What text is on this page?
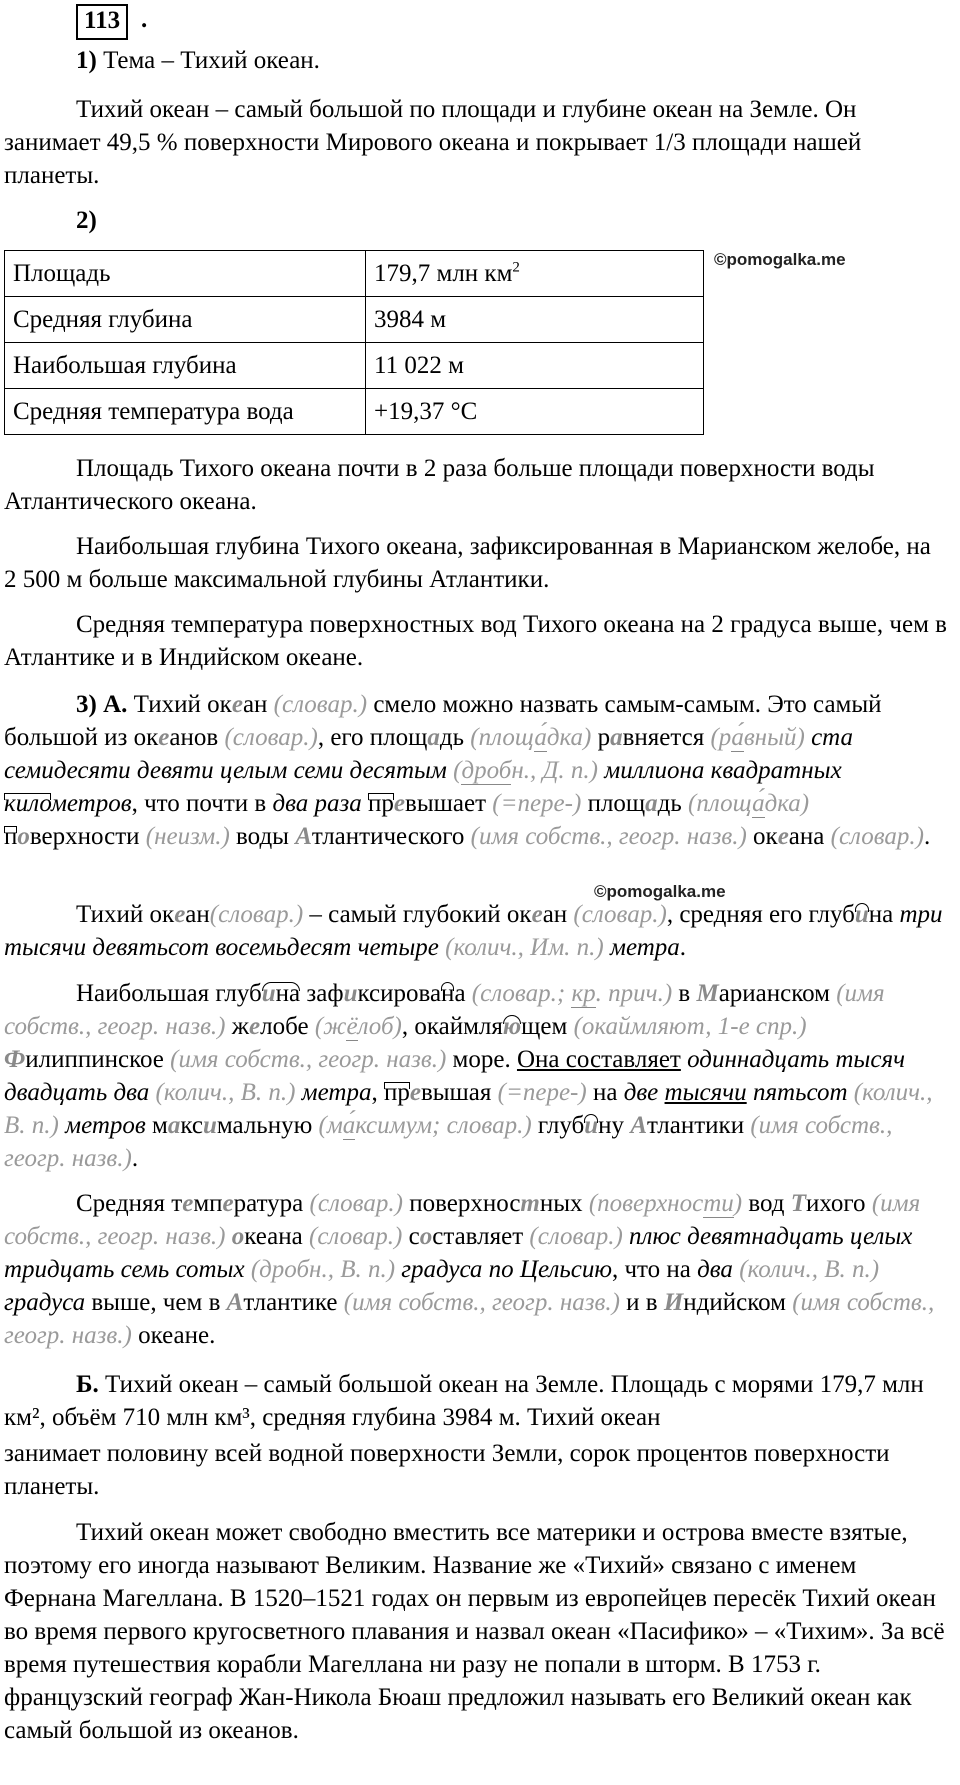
113 .

1) Тема – Тихий океан.

Тихий океан – самый большой по площади и глубине океан на Земле. Он занимает 49,5 % поверхности Мирового океана и покрывает 1/3 площади нашей планеты.

2)

Площадь	179,7 млн $км^2$
Средняя глубина	3984 м
Наибольшая глубина	11 022 м
Средняя температура вода	+19,37 °С
©pomogalka.me

Площадь Тихого океана почти в 2 раза больше площади поверхности воды Атлантического океана.

Наибольшая глубина Тихого океана, зафиксированная в Марианском желобе, на 2 500 м больше максимальной глубины Атлантики.

Средняя температура поверхностных вод Тихого океана на 2 градуса выше, чем в Атлантике и в Индийском океане.

3) А. Тихий океан (словар.) смело можно назвать самым-самым. Это самый большой из океанов (словар.), его площадь (площа́дка) равняется (ра́вный) ста семидесяти девяти целым семи десятым (дробн., Д. п.) миллиона квадратных километров, что почти в два раза превышает (=пере-) площадь (площа́дка) поверхности (неизм.) воды Атлантического (имя собств., геогр. назв.) океана (словар.).

©pomogalka.me

Тихий океан(словар.) – самый глубокий океан (словар.), средняя его глубина три тысячи девятьсот восемьдесят четыре (колич., Им. п.) метра.

Наибольшая глубина зафиксирована (словар.; кр. прич.) в Марианском (имя собств., геогр. назв.) желобе (жёлоб), окаймляющем (окаймляют, 1-е спр.) Филиппинское (имя собств., геогр. назв.) море. Она составляет одиннадцать тысяч двадцать два (колич., В. п.) метра, превышая (=пере-) на две тысячи пятьсот (колич., В. п.) метров максимальную (ма́ксимум; словар.) глубину Атлантики (имя собств., геогр. назв.).

Средняя температура (словар.) поверхностных (поверхности) вод Тихого (имя собств., геогр. назв.) океана (словар.) составляет (словар.) плюс девятнадцать целых тридцать семь сотых (дробн., В. п.) градуса по Цельсию, что на два (колич., В. п.) градуса выше, чем в Атлантике (имя собств., геогр. назв.) и в Индийском (имя собств., геогр. назв.) океане.

Б. Тихий океан – самый большой океан на Земле. Площадь с морями 179,7 млн км², объём 710 млн км³, средняя глубина 3984 м. Тихий океан

занимает половину всей водной поверхности Земли, сорок процентов поверхности планеты.

Тихий океан может свободно вместить все материки и острова вместе взятые, поэтому его иногда называют Великим. Название же «Тихий» связано с именем Фернана Магеллана. В 1520–1521 годах он первым из европейцев пересёк Тихий океан во время первого кругосветного плавания и назвал океан «Пасифико» – «Тихим». За всё время путешествия корабли Магеллана ни разу не попали в шторм. В 1753 г. французский географ Жан-Никола Бюаш предложил называть его Великий океан как самый большой из океанов.
